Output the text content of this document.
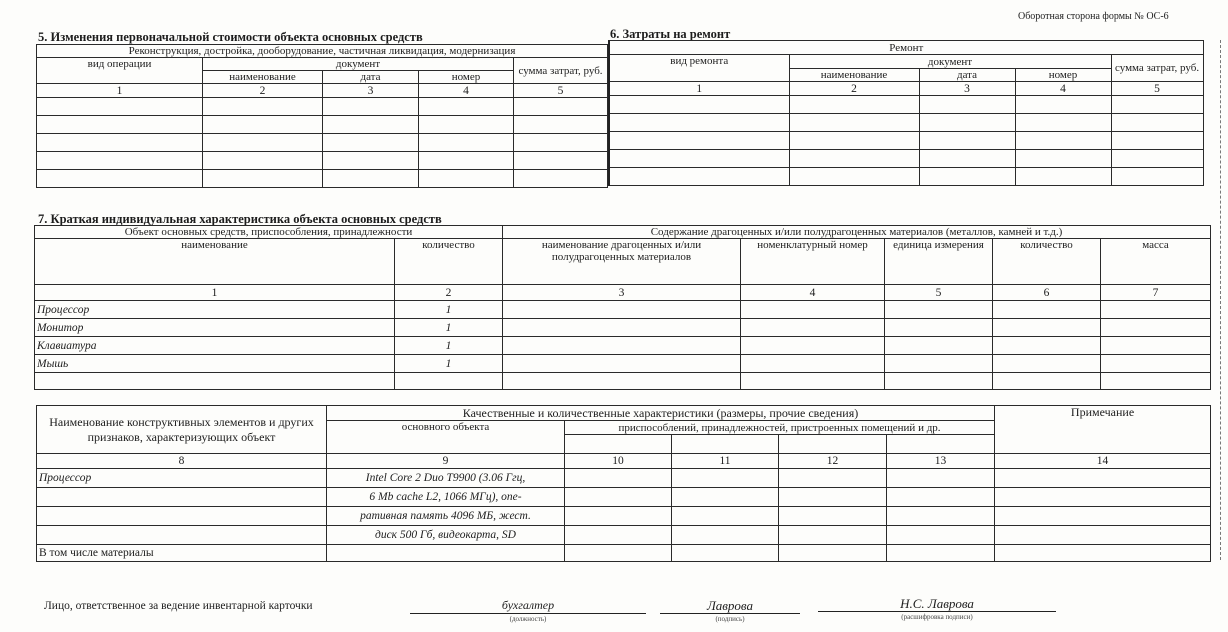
Оборотная сторона формы № ОС-6
5. Изменения первоначальной стоимости объекта основных средств
Реконструкция, достройка, дооборудование, частичная ликвидация, модернизация				
вид операции	документ			сумма затрат, руб.
	наименование	дата	номер	
1	2	3	4	5

6. Затраты на ремонт
Ремонт				
вид ремонта	документ			сумма затрат, руб.
	наименование	дата	номер	
1	2	3	4	5

7. Краткая индивидуальная характеристика объекта основных средств
Объект основных средств, приспособления, принадлежности		Содержание драгоценных и/или полудрагоценных материалов (металлов, камней и т.д.)				
наименование	количество	наименование драгоценных и/или полудрагоценных материалов	номенклатурный номер	единица измерения	количество	масса
1	2	3	4	5	6	7
Процессор	1					
Монитор	1					
Клавиатура	1					
Мышь	1					

Наименование конструктивных элементов и других признаков, характеризующих объект	Качественные и количественные характеристики (размеры, прочие сведения)					Примечание
	основного объекта	приспособлений, принадлежностей, пристроенных помещений и др.				

8	9	10	11	12	13	14
Процессор	Intel Core 2 Duo T9900 (3.06 Ггц,					
	6 Mb cache L2, 1066 МГц), опе-					
	ративная память 4096 МБ, жест.					
	диск 500 Гб, видеокарта, SD					
В том числе материалы						
Лицо, ответственное за ведение инвентарной карточки	бухгалтер
(должность)
Лаврова
(подпись)
Н.С. Лаврова
(расшифровка подписи)
